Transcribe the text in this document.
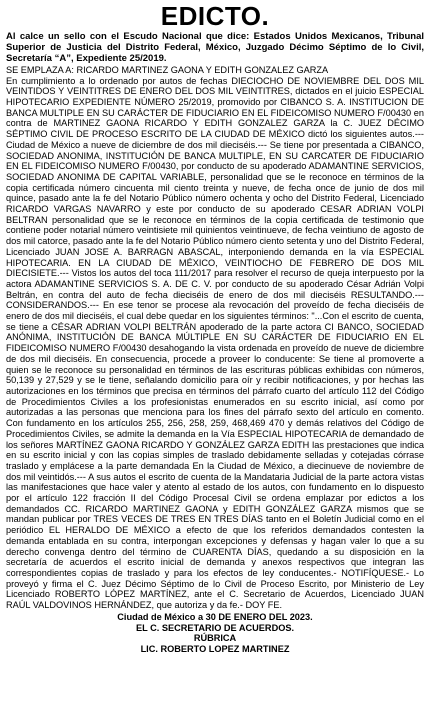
EDICTO.

Al calce un sello con el Escudo Nacional que dice: Estados Unidos Mexicanos, Tribunal Superior de Justicia del Distrito Federal, México, Juzgado Décimo Séptimo de lo Civil, Secretaría “A”, Expediente 25/2019.

SE EMPLAZA A: RICARDO MARTINEZ GAONA Y EDITH GONZALEZ GARZA

En cumplimiento a lo ordenado por autos de fechas DIECIOCHO DE NOVIEMBRE DEL DOS MIL VEINTIDOS Y VEINTITRES DE ENERO DEL DOS MIL VEINTITRES, dictados en el juicio ESPECIAL HIPOTECARIO EXPEDIENTE NÚMERO 25/2019, promovido por CIBANCO S. A. INSTITUCION DE BANCA MULTIPLE EN SU CARÁCTER DE FIDUCIARIO EN EL FIDEICOMISO NUMERO F/00430 en contra de MARTINEZ GAONA RICARDO Y EDITH GONZALEZ GARZA la C. JUEZ DÉCIMO SÉPTIMO CIVIL DE PROCESO ESCRITO DE LA CIUDAD DE MÉXICO dictó los siguientes autos.--- Ciudad de México a nueve de diciembre de dos mil dieciséis.--- Se tiene por presentada a CIBANCO, SOCIEDAD ANONIMA, INSTITUCIÓN DE BANCA MULTIPLE, EN SU CARCATER DE FIDUCIARIO EN EL FIDEICOMISO NUMERO F/00430, por conducto de su apoderado ADAMANTINE SERVICIOS, SOCIEDAD ANONIMA DE CAPITAL VARIABLE, personalidad que se le reconoce en términos de la copia certificada número cincuenta mil ciento treinta y nueve, de fecha once de junio de dos mil quince, pasado ante la fe del Notario Público número ochenta y ocho del Distrito Federal, Licenciado RICARDO VARGAS NAVARRO y este por conducto de su apoderado CESAR ADRIAN VOLPI BELTRAN personalidad que se le reconoce en términos de la copia certificada de testimonio que contiene poder notarial número veintisiete mil quinientos veintinueve, de fecha veintiuno de agosto de dos mil catorce, pasado ante la fe del Notario Público número ciento setenta y uno del Distrito Federal, Licenciado JUAN JOSE A. BARRAGN ABASCAL, interponiendo demanda en la vía ESPECIAL HIPOTECARIA. EN LA CIUDAD DE MÉXICO, VEINTIOCHO DE FEBRERO DE DOS MIL DIECISIETE.--- Vistos los autos del toca 111/2017 para resolver el recurso de queja interpuesto por la actora ADAMANTINE SERVICIOS S. A. DE C. V. por conducto de su apoderado César Adrián Volpi Beltrán, en contra del auto de fecha dieciséis de enero de dos mil dieciséis RESULTANDO.--- CONSIDERANDOS.--- En ese tenor se procese ala revocación del proveído de fecha dieciséis de enero de dos mil dieciséis, el cual debe quedar en los siguientes términos: "...Con el escrito de cuenta, se tiene a CÉSAR ADRIAN VOLPI BELTRÁN apoderado de la parte actora CI BANCO, SOCIEDAD ANÓNIMA, INSTITUCIÓN DE BANCA MÚLTIPLE EN SU CARÁCTER DE FIDUCIARIO EN EL FIDEICOMISO NUMERO F/00430 desahogando la vista ordenada en proveído de nueve de diciembre de dos mil dieciséis. En consecuencia, procede a proveer lo conducente: Se tiene al promoverte a quien se le reconoce su personalidad en términos de las escrituras públicas exhibidas con números, 50,139 y 27,529 y se le tiene, señalando domicilio para oír y recibir notificaciones, y por hechas las autorizaciones en los términos que precisa en términos del párrafo cuarto del artículo 112 del Código de Procedimientos Civiles a los profesionistas enumerados en su escrito inicial, así como por autorizadas a las personas que menciona para los fines del párrafo sexto del artículo en comento. Con fundamento en los artículos 255, 256, 258, 259, 468,469 470 y demás relativos del Código de Procedimientos Civiles, se admite la demanda en la Vía ESPECIAL HIPOTECARIA de demandado de los señores MARTÍNEZ GAONA RICARDO Y GONZÁLEZ GARZA EDITH las prestaciones que indica en su escrito inicial y con las copias simples de traslado debidamente selladas y cotejadas córrase traslado y emplácese a la parte demandada En la Ciudad de México, a diecinueve de noviembre de dos mil veintidós.--- A sus autos el escrito de cuenta de la Mandataria Judicial de la parte actora vistas las manifestaciones que hace valer y atento al estado de los autos, con fundamento en lo dispuesto por el artículo 122 fracción II del Código Procesal Civil se ordena emplazar por edictos a los demandados CC. RICARDO MARTINEZ GAONA y EDITH GONZÁLEZ GARZA mismos que se mandan publicar por TRES VECES DE TRES EN TRES DÍAS tanto en el Boletín Judicial como en el periódico EL HERALDO DE MÉXICO a efecto de que los referidos demandados contesten la demanda entablada en su contra, interpongan excepciones y defensas y hagan valer lo que a su derecho convenga dentro del término de CUARENTA DÍAS, quedando a su disposición en la secretaría de acuerdos el escrito inicial de demanda y anexos respectivos que integran las correspondientes copias de traslado y para los efectos de ley conducentes.- NOTIFÍQUESE.- Lo proveyó y firma el C. Juez Décimo Séptimo de lo Civil de Proceso Escrito, por Ministerio de Ley Licenciado ROBERTO LÓPEZ MARTÍNEZ, ante el C. Secretario de Acuerdos, Licenciado JUAN RAÚL VALDOVINOS HERNÁNDEZ, que autoriza y da fe.- DOY FE.

Ciudad de México a 30 DE ENERO DEL 2023.
EL C. SECRETARIO DE ACUERDOS.
RÚBRICA
LIC. ROBERTO LOPEZ MARTINEZ
